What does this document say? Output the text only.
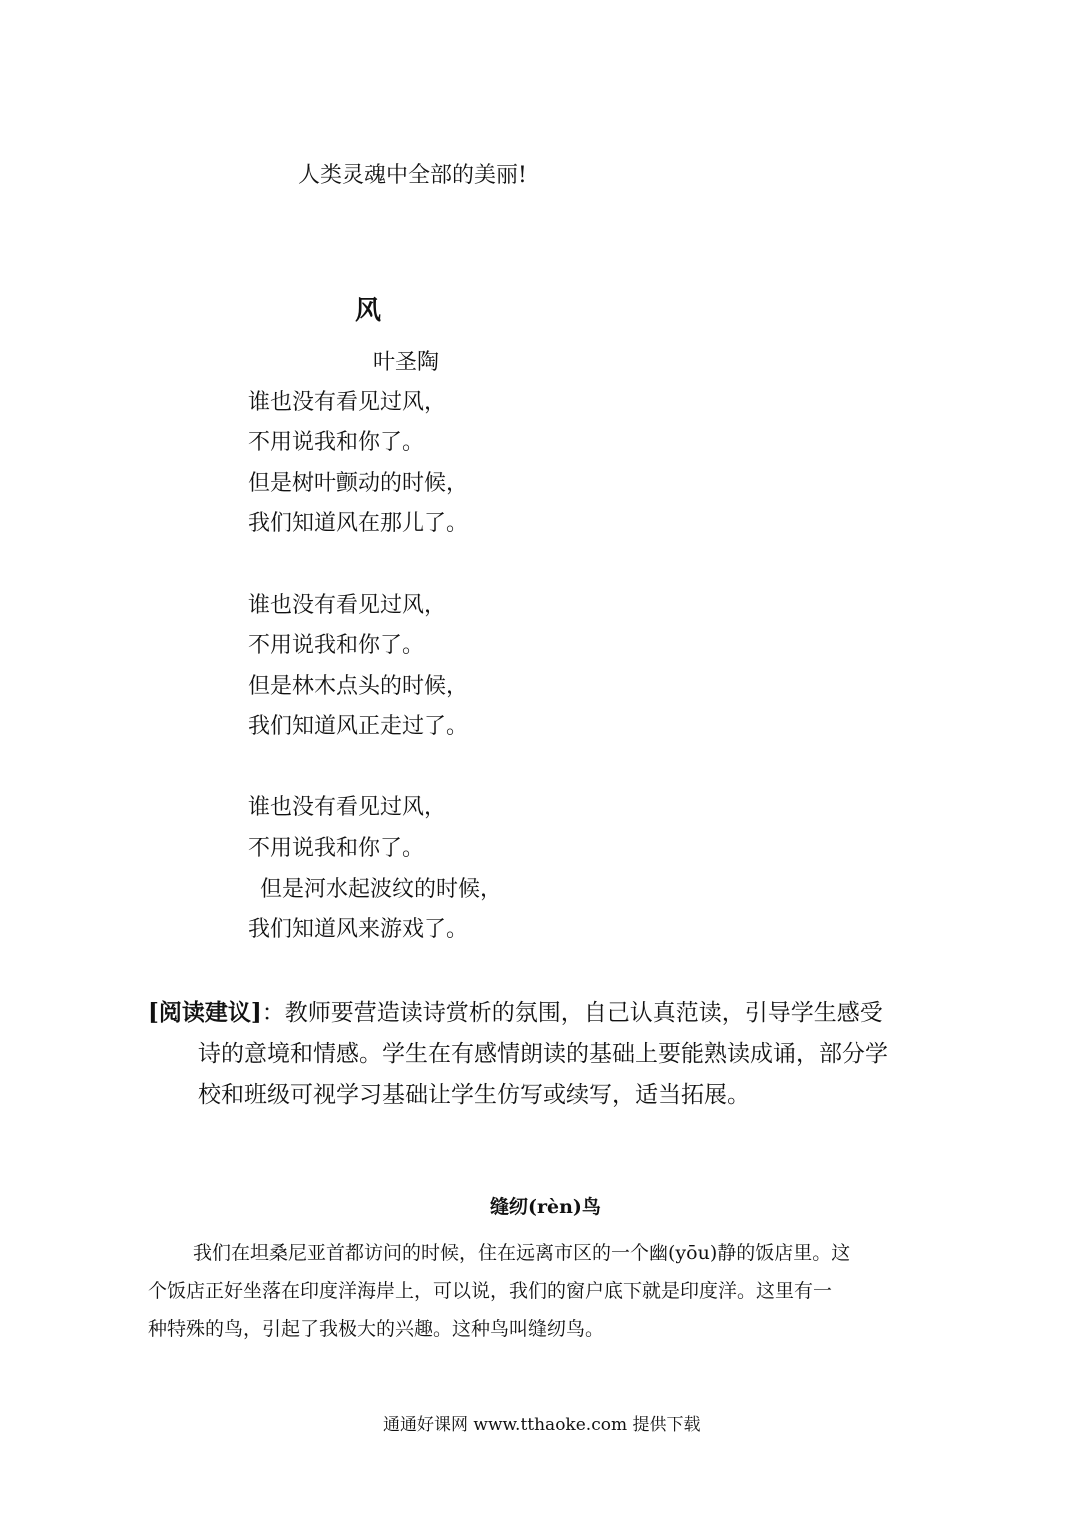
人类灵魂中全部的美丽!
风
叶圣陶
谁也没有看见过风，
不用说我和你了。
但是树叶颤动的时候，
我们知道风在那儿了。
谁也没有看见过风，
不用说我和你了。
但是林木点头的时候，
我们知道风正走过了。
谁也没有看见过风，
不用说我和你了。
但是河水起波纹的时候，
我们知道风来游戏了。
[阅读建议]：教师要营造读诗赏析的氛围，自己认真范读，引导学生感受
诗的意境和情感。学生在有感情朗读的基础上要能熟读成诵，部分学
校和班级可视学习基础让学生仿写或续写，适当拓展。
缝纫(rèn)鸟
我们在坦桑尼亚首都访问的时候，住在远离市区的一个幽(yōu)静的饭店里。这
个饭店正好坐落在印度洋海岸上，可以说，我们的窗户底下就是印度洋。这里有一
种特殊的鸟，引起了我极大的兴趣。这种鸟叫缝纫鸟。
通通好课网 www.tthaoke.com 提供下载
